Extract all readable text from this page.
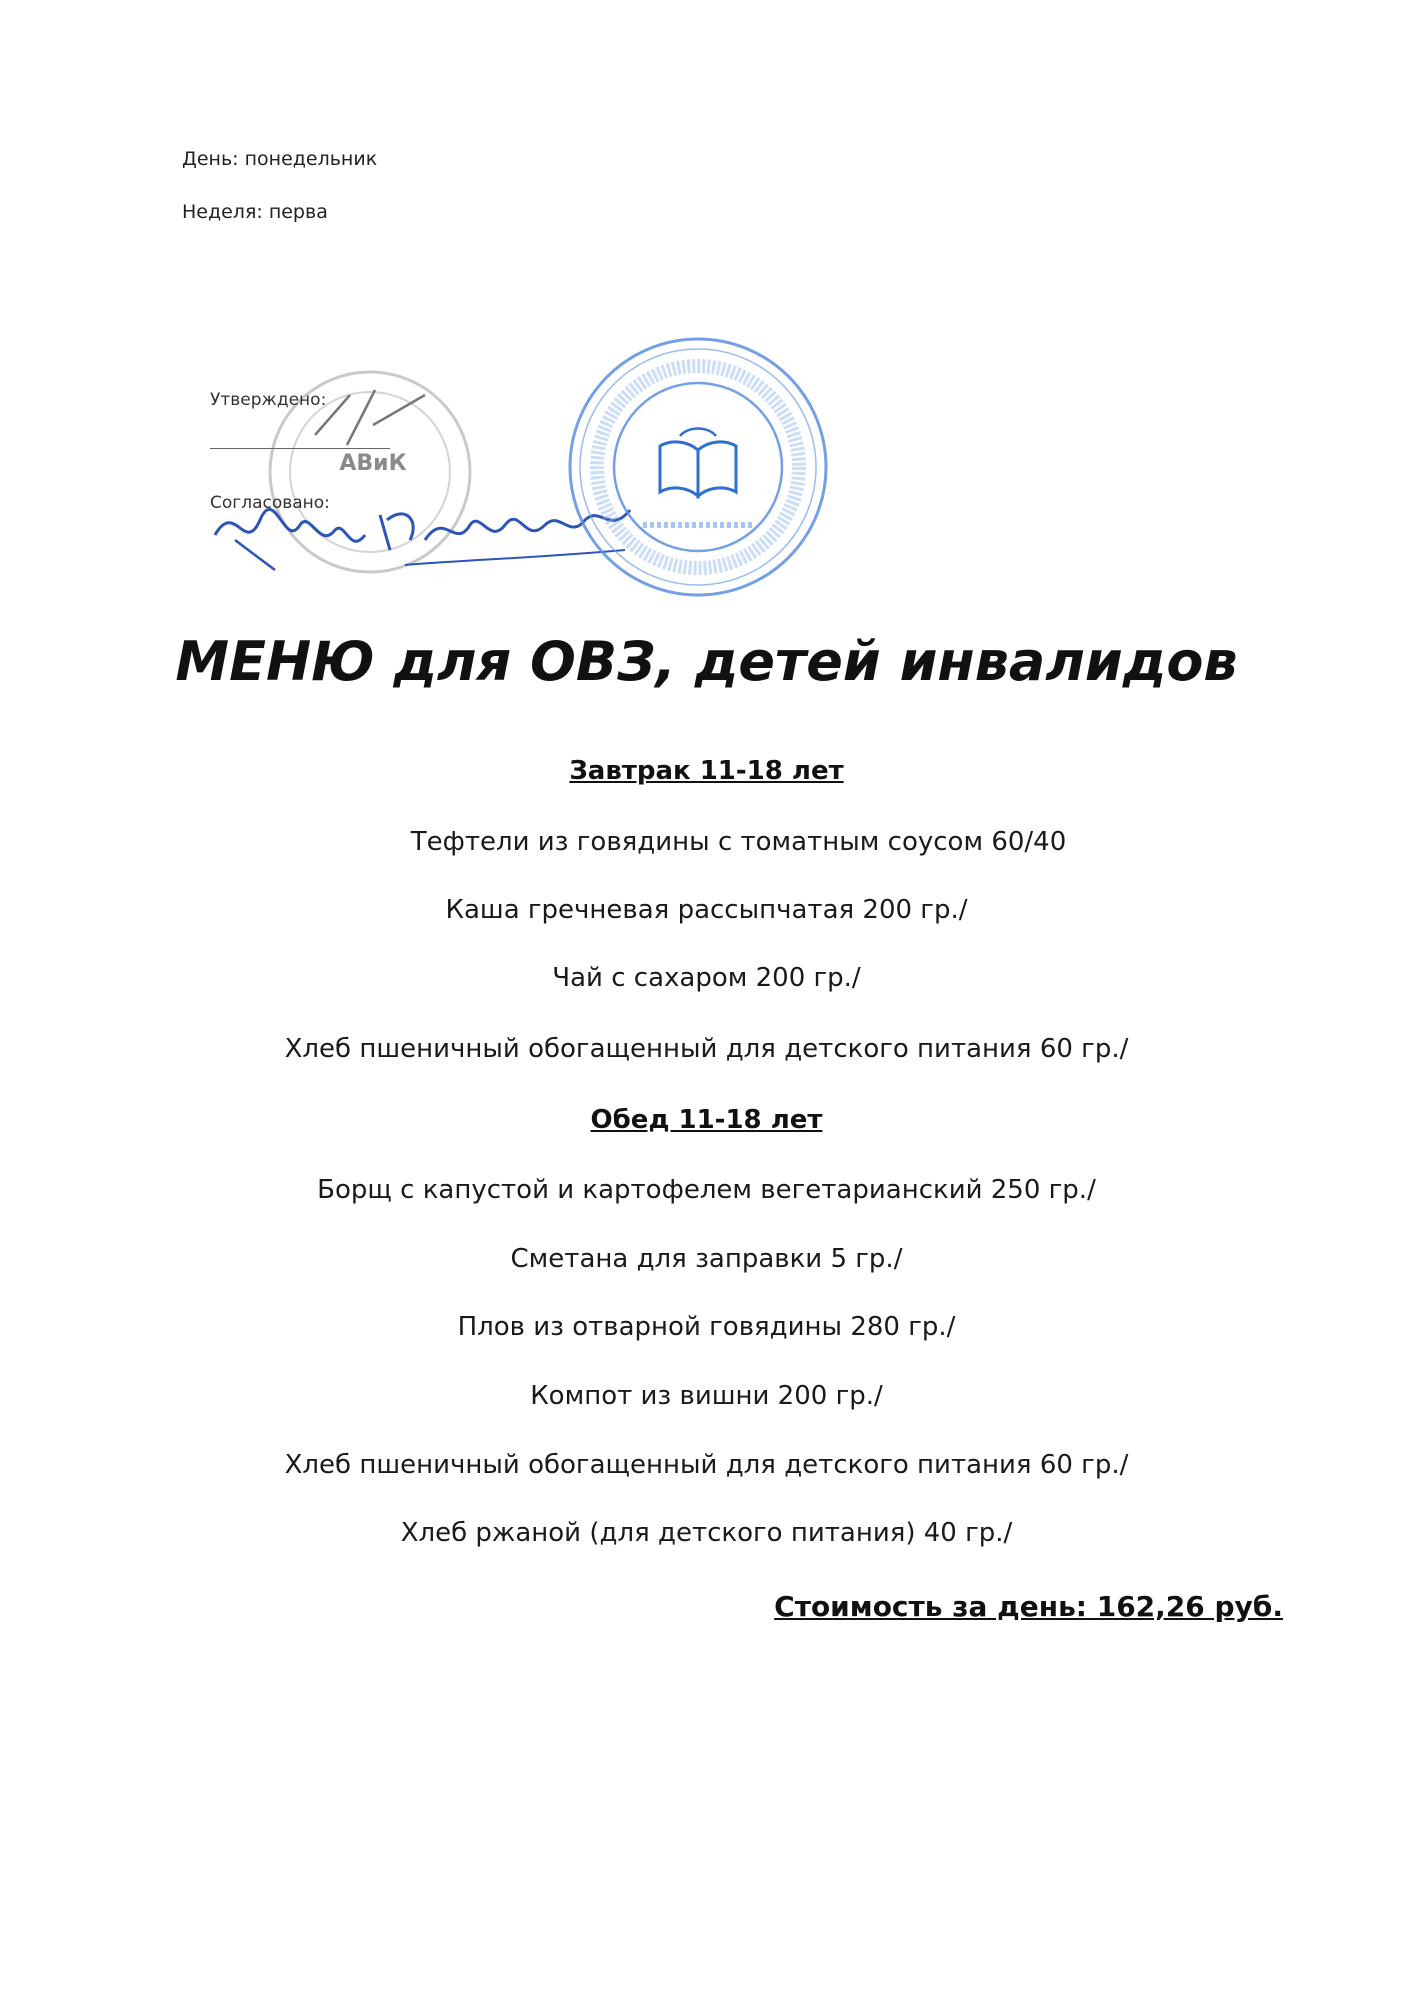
День: понедельник
Неделя: перва
АВиК
Утверждено:
Согласовано:
МЕНЮ для ОВЗ, детей инвалидов
Завтрак 11-18 лет
Тефтели из говядины с томатным соусом 60/40
Каша гречневая рассыпчатая 200 гр./
Чай с сахаром 200 гр./
Хлеб пшеничный обогащенный для детского питания 60 гр./
Обед 11-18 лет
Борщ с капустой и картофелем вегетарианский 250 гр./
Сметана для заправки 5 гр./
Плов из отварной говядины 280 гр./
Компот из вишни 200 гр./
Хлеб пшеничный обогащенный для детского питания 60 гр./
Хлеб ржаной (для детского питания) 40 гр./
Стоимость за день: 162,26 руб.
